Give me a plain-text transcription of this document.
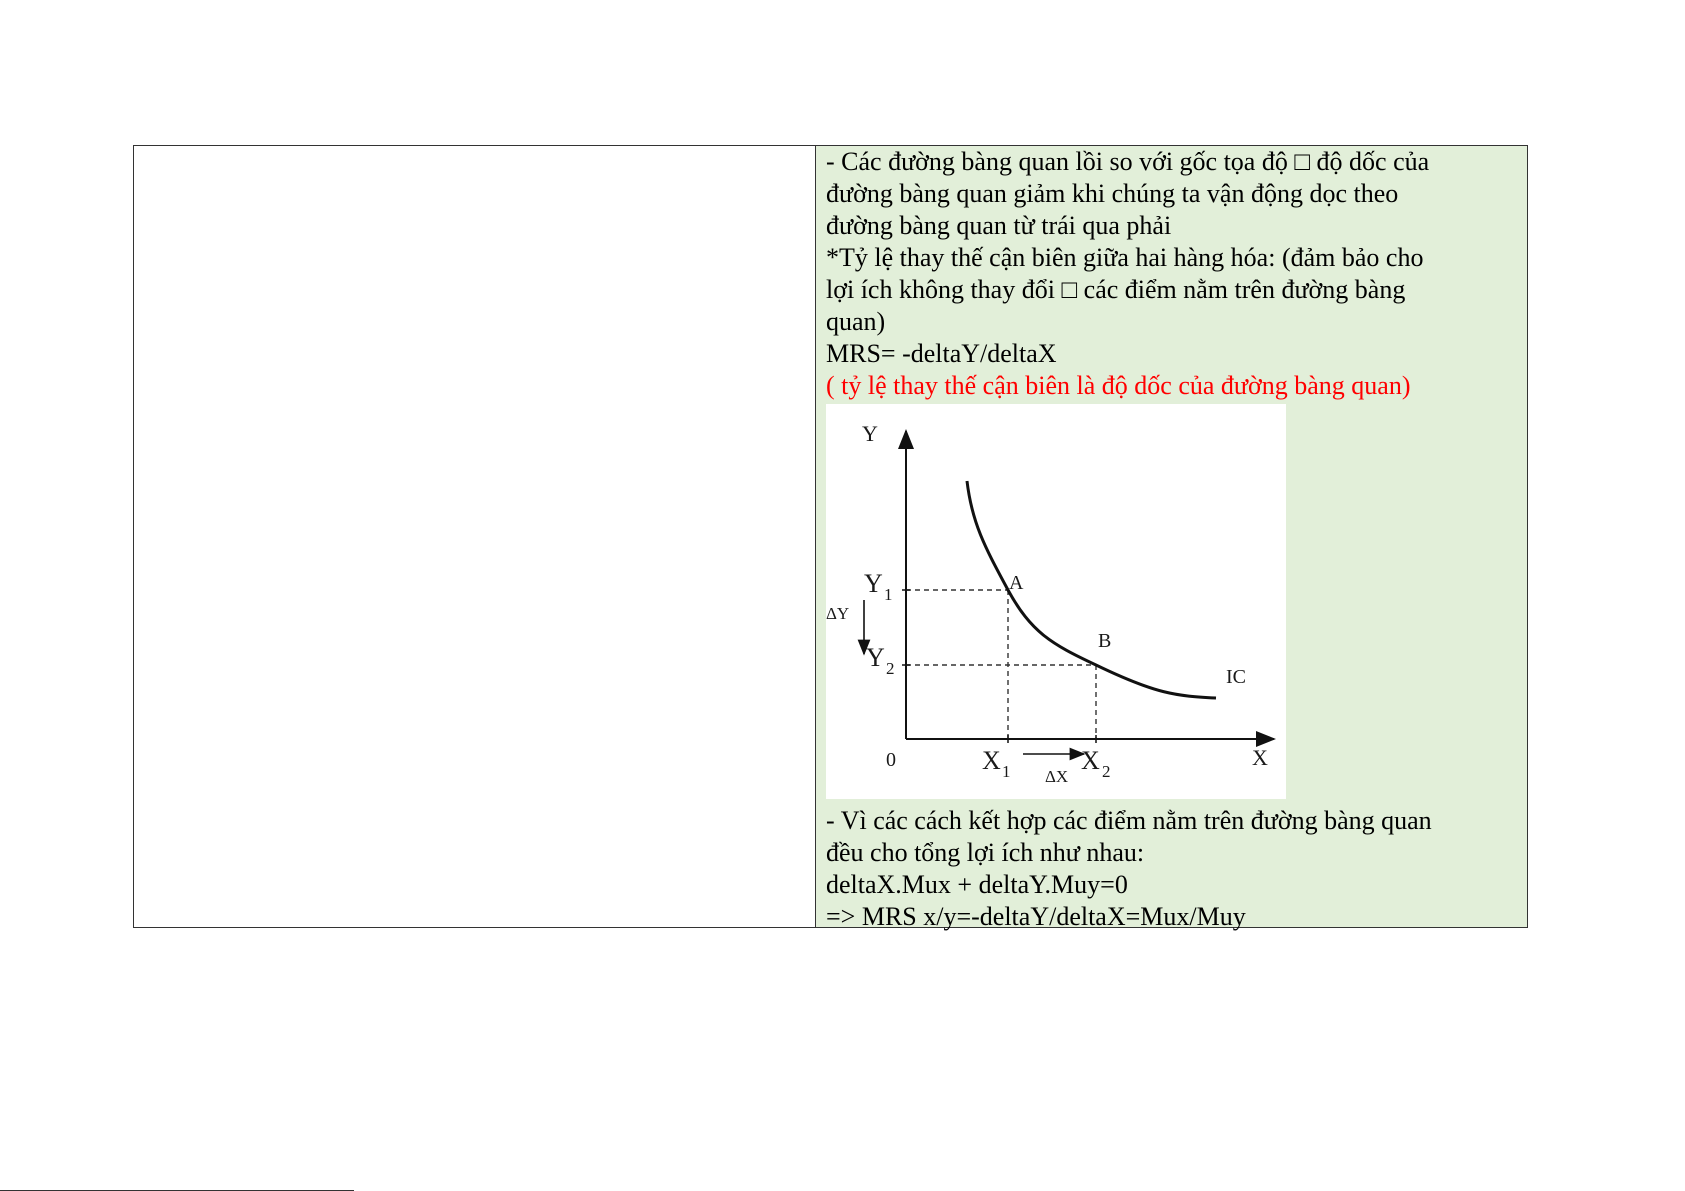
- Các đường bàng quan lồi so với gốc tọa độ □ độ dốc của
đường bàng quan giảm khi chúng ta vận động dọc theo
đường bàng quan từ trái qua phải
*Tỷ lệ thay thế cận biên giữa hai hàng hóa: (đảm bảo cho
lợi ích không thay đổi □ các điểm nằm trên đường bàng
quan)
MRS= -deltaY/deltaX
( tỷ lệ thay thế cận biên là độ dốc của đường bàng quan)
Y
X
0
Y 1
Y 2
X 1	X 2
ΔY
ΔX
A
B
IC
- Vì các cách kết hợp các điểm nằm trên đường bàng quan
đều cho tổng lợi ích như nhau:
deltaX.Mux + deltaY.Muy=0
=> MRS x/y=-deltaY/deltaX=Mux/Muy
